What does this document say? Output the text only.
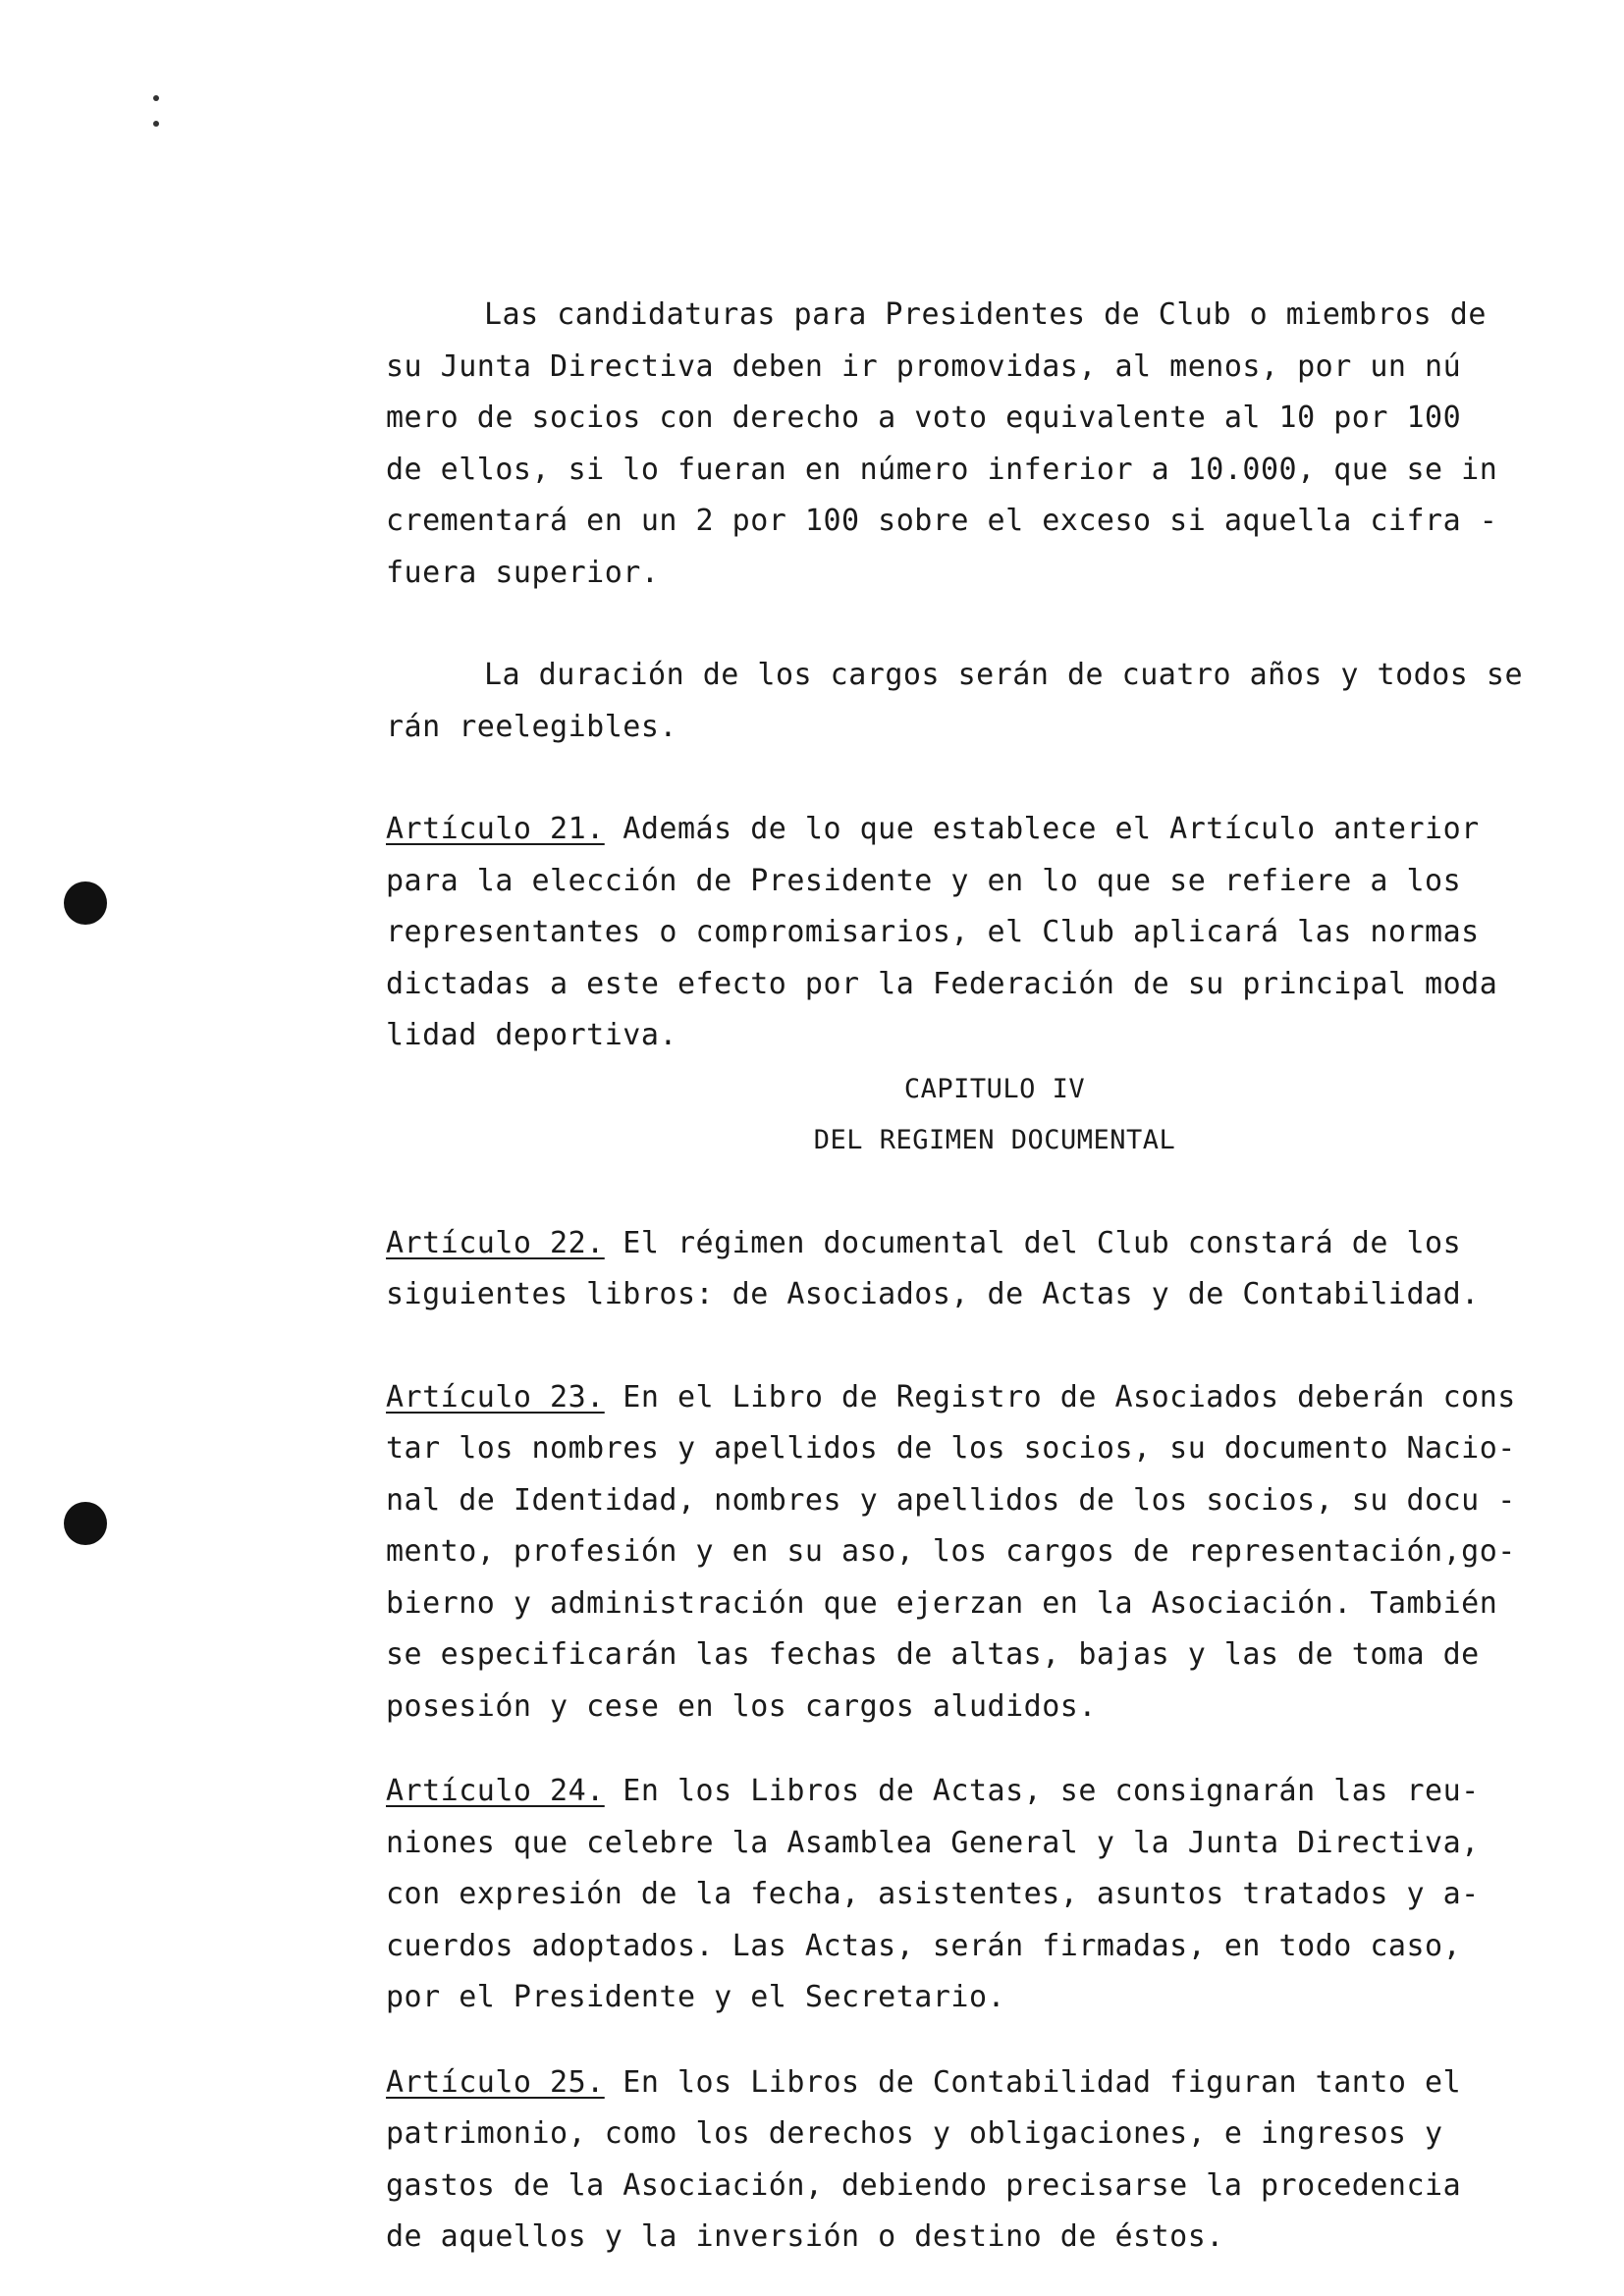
Las candidaturas para Presidentes de Club o miembros de
su Junta Directiva deben ir promovidas, al menos, por un nú
mero de socios con derecho a voto equivalente al 10 por 100
de ellos, si lo fueran en número inferior a 10.000, que se in
crementará en un 2 por 100 sobre el exceso si aquella cifra -
fuera superior.
La duración de los cargos serán de cuatro años y todos se
rán reelegibles.
Artículo 21. Además de lo que establece el Artículo anterior
para la elección de Presidente y en lo que se refiere a los
representantes o compromisarios, el Club aplicará las normas
dictadas a este efecto por la Federación de su principal moda
lidad deportiva.
CAPITULO IV
DEL REGIMEN DOCUMENTAL
Artículo 22. El régimen documental del Club constará de los
siguientes libros: de Asociados, de Actas y de Contabilidad.
Artículo 23. En el Libro de Registro de Asociados deberán cons
tar los nombres y apellidos de los socios, su documento Nacio-
nal de Identidad, nombres y apellidos de los socios, su docu -
mento, profesión y en su aso, los cargos de representación,go-
bierno y administración que ejerzan en la Asociación. También
se especificarán las fechas de altas, bajas y las de toma de
posesión y cese en los cargos aludidos.
Artículo 24. En los Libros de Actas, se consignarán las reu-
niones que celebre la Asamblea General y la Junta Directiva,
con expresión de la fecha, asistentes, asuntos tratados y a-
cuerdos adoptados. Las Actas, serán firmadas, en todo caso,
por el Presidente y el Secretario.
Artículo 25. En los Libros de Contabilidad figuran tanto el
patrimonio, como los derechos y obligaciones, e ingresos y
gastos de la Asociación, debiendo precisarse la procedencia
de aquellos y la inversión o destino de éstos.
